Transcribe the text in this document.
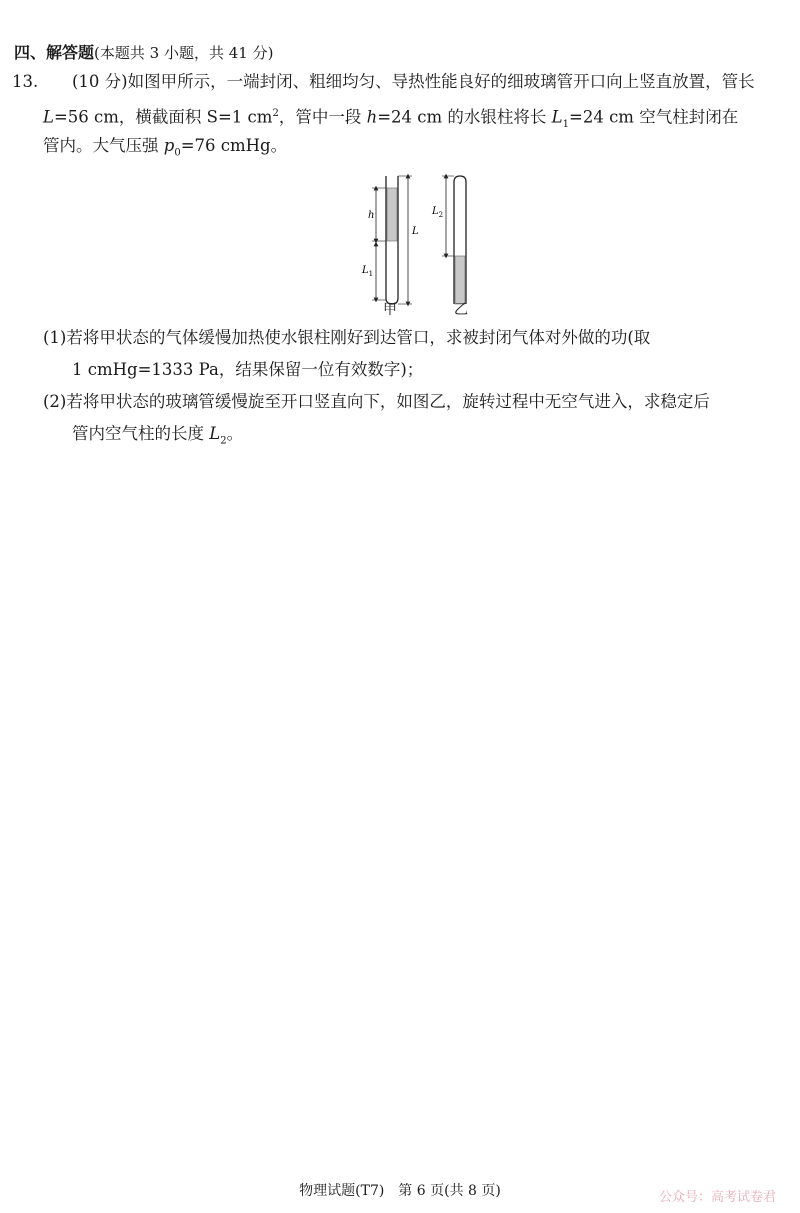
四、解答题(本题共 3 小题，共 41 分)
13. (10 分)如图甲所示，一端封闭、粗细均匀、导热性能良好的细玻璃管开口向上竖直放置，管长
L=56 cm，横截面积 S=1 $cm^2$，管中一段 h=24 cm 的水银柱将长 $L_1=24$ cm 空气柱封闭在
管内。大气压强 $p_0=76$ cmHg。
h
$L_1$
L
$L_2$
甲	乙
(1)若将甲状态的气体缓慢加热使水银柱刚好到达管口，求被封闭气体对外做的功(取
1 cmHg=1333 Pa，结果保留一位有效数字)；
(2)若将甲状态的玻璃管缓慢旋至开口竖直向下，如图乙，旋转过程中无空气进入，求稳定后
管内空气柱的长度 $L_2$。
物理试题(T7)　第 6 页(共 8 页)	公众号：高考试卷君
